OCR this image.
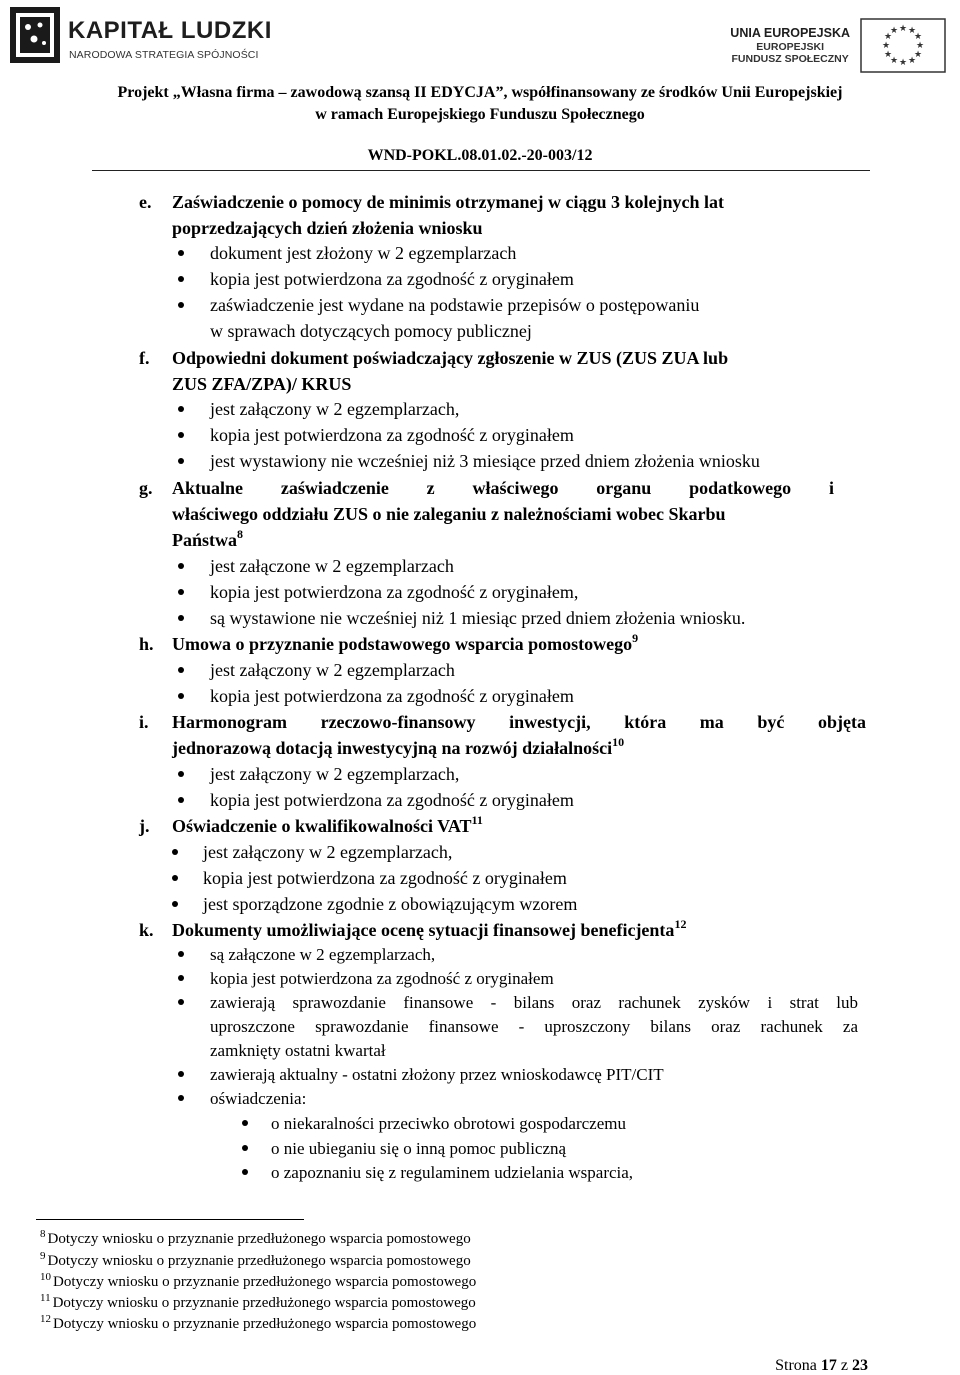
KAPITAŁ LUDZKI
NARODOWA STRATEGIA SPÓJNOŚCI
UNIA EUROPEJSKA
EUROPEJSKI
FUNDUSZ SPOŁECZNY
★ ★
★
★
★
★
★
★
★
★
★
★
Projekt „Własna firma – zawodową szansą II EDYCJA”, współfinansowany ze środków Unii Europejskiej
w ramach Europejskiego Funduszu Społecznego
WND-POKL.08.01.02.-20-003/12
e. Zaświadczenie o pomocy de minimis otrzymanej w ciągu 3 kolejnych lat
poprzedzających dzień złożenia wniosku
dokument jest złożony w 2 egzemplarzach
kopia jest potwierdzona za zgodność z oryginałem
zaświadczenie jest wydane na podstawie przepisów o postępowaniu
w sprawach dotyczących pomocy publicznej
f. Odpowiedni dokument poświadczający zgłoszenie w ZUS (ZUS ZUA lub
ZUS ZFA/ZPA)/ KRUS
jest załączony w 2 egzemplarzach,
kopia jest potwierdzona za zgodność z oryginałem
jest wystawiony nie wcześniej niż 3 miesiące przed dniem złożenia wniosku
g. Aktualne zaświadczenie z właściwego organu podatkowego i
właściwego oddziału ZUS o nie zaleganiu z należnościami wobec Skarbu
Państwa$^8$
jest załączone w 2 egzemplarzach
kopia jest potwierdzona za zgodność z oryginałem,
są wystawione nie wcześniej niż 1 miesiąc przed dniem złożenia wniosku.
h. Umowa o przyznanie podstawowego wsparcia pomostowego$^9$
jest załączony w 2 egzemplarzach
kopia jest potwierdzona za zgodność z oryginałem
i. Harmonogram rzeczowo-finansowy inwestycji, która ma być objęta
jednorazową dotacją inwestycyjną na rozwój działalności$^{10}$
jest załączony w 2 egzemplarzach,
kopia jest potwierdzona za zgodność z oryginałem
j. Oświadczenie o kwalifikowalności VAT$^{11}$
jest załączony w 2 egzemplarzach,
kopia jest potwierdzona za zgodność z oryginałem
jest sporządzone zgodnie z obowiązującym wzorem
k. Dokumenty umożliwiające ocenę sytuacji finansowej beneficjenta$^{12}$
są załączone w 2 egzemplarzach,
kopia jest potwierdzona za zgodność z oryginałem
zawierają sprawozdanie finansowe - bilans oraz rachunek zysków i strat lub
uproszczone sprawozdanie finansowe - uproszczony bilans oraz rachunek za
zamknięty ostatni kwartał
zawierają aktualny - ostatni złożony przez wnioskodawcę PIT/CIT
oświadczenia:
o niekaralności przeciwko obrotowi gospodarczemu
o nie ubieganiu się o inną pomoc publiczną
o zapoznaniu się z regulaminem udzielania wsparcia,
$^8$ Dotyczy wniosku o przyznanie przedłużonego wsparcia pomostowego
$^9$ Dotyczy wniosku o przyznanie przedłużonego wsparcia pomostowego
$^{10}$ Dotyczy wniosku o przyznanie przedłużonego wsparcia pomostowego
$^{11}$ Dotyczy wniosku o przyznanie przedłużonego wsparcia pomostowego
$^{12}$ Dotyczy wniosku o przyznanie przedłużonego wsparcia pomostowego
Strona 17 z 23
